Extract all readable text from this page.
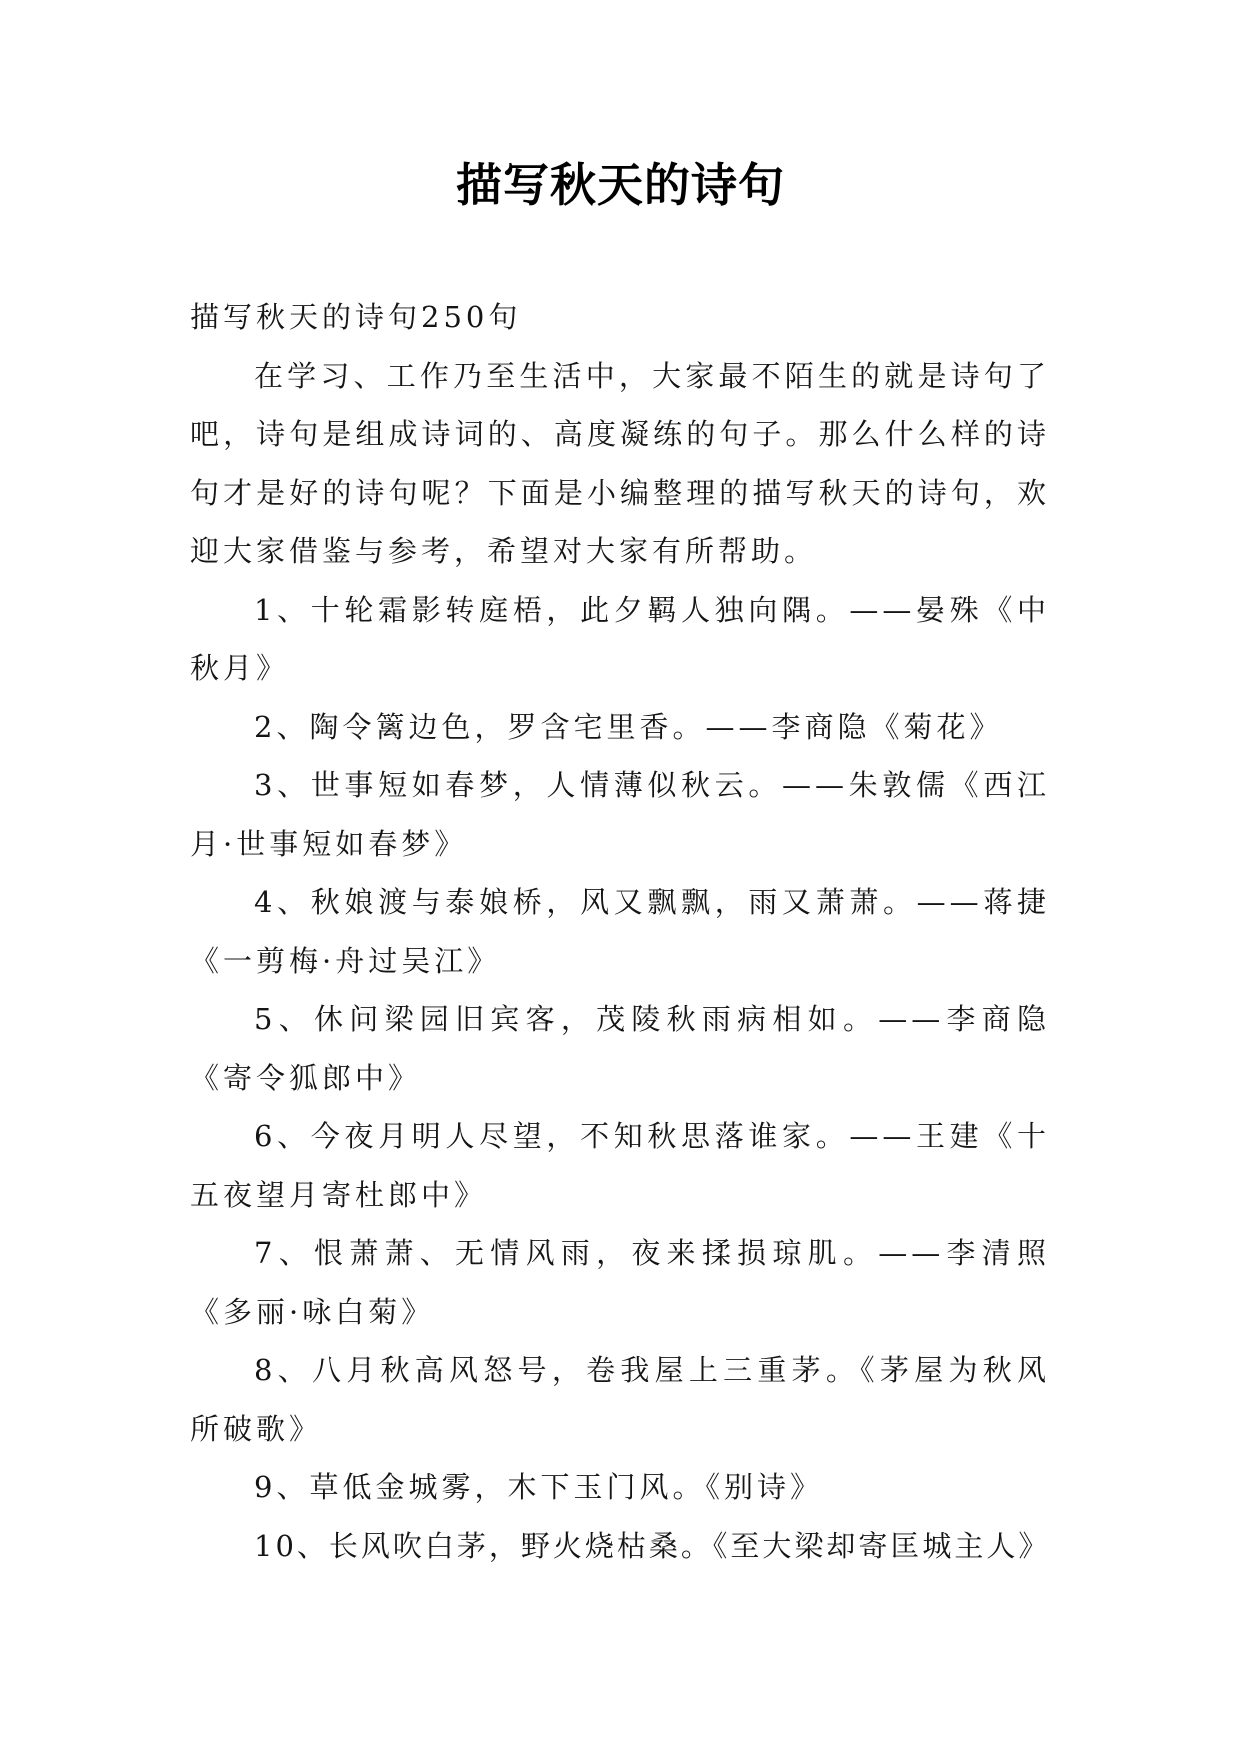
描写秋天的诗句

描写秋天的诗句250句

在学习、工作乃至生活中，大家最不陌生的就是诗句了吧，诗句是组成诗词的、高度凝练的句子。那么什么样的诗句才是好的诗句呢？下面是小编整理的描写秋天的诗句，欢迎大家借鉴与参考，希望对大家有所帮助。

1、十轮霜影转庭梧，此夕羁人独向隅。——晏殊《中秋月》

2、陶令篱边色，罗含宅里香。——李商隐《菊花》

3、世事短如春梦，人情薄似秋云。——朱敦儒《西江月·世事短如春梦》

4、秋娘渡与泰娘桥，风又飘飘，雨又萧萧。——蒋捷《一剪梅·舟过吴江》

5、休问梁园旧宾客，茂陵秋雨病相如。——李商隐《寄令狐郎中》

6、今夜月明人尽望，不知秋思落谁家。——王建《十五夜望月寄杜郎中》

7、恨萧萧、无情风雨，夜来揉损琼肌。——李清照《多丽·咏白菊》

8、八月秋高风怒号，卷我屋上三重茅。《茅屋为秋风所破歌》

9、草低金城雾，木下玉门风。《别诗》

10、长风吹白茅，野火烧枯桑。《至大梁却寄匡城主人》
